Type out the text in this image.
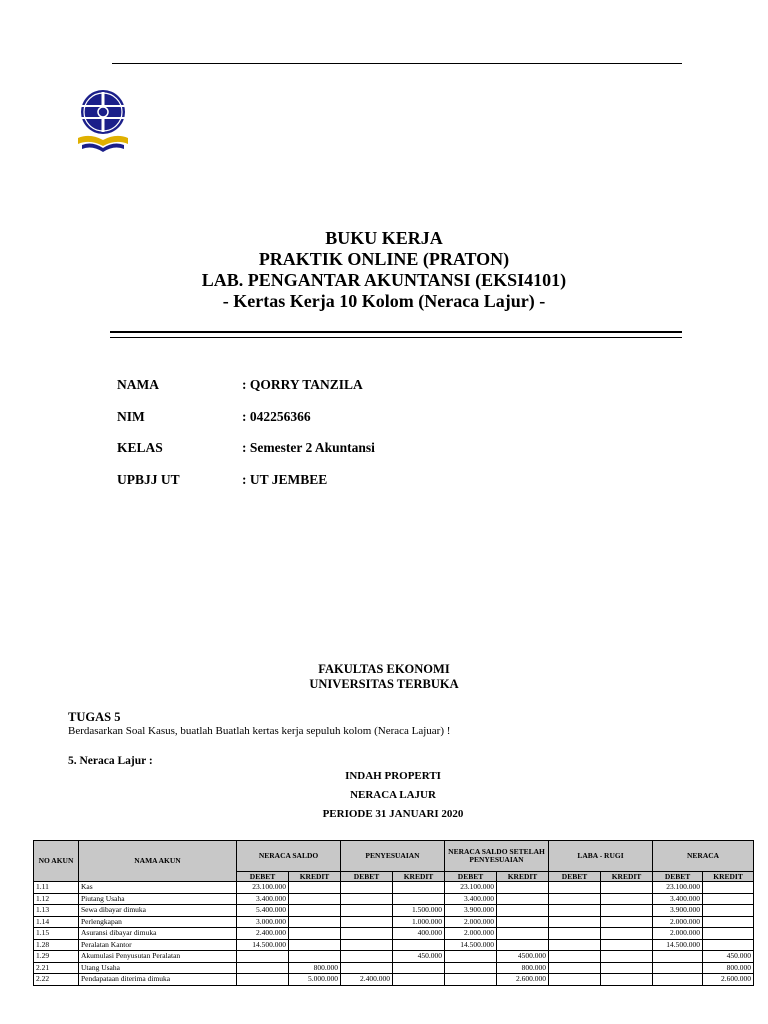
BUKU KERJA
PRAKTIK ONLINE (PRATON)
LAB. PENGANTAR AKUNTANSI (EKSI4101)
- Kertas Kerja 10 Kolom (Neraca Lajur) -
NAMA	: QORRY TANZILA
NIM	: 042256366
KELAS	: Semester 2 Akuntansi
UPBJJ UT	: UT JEMBEE
FAKULTAS EKONOMI
UNIVERSITAS TERBUKA
TUGAS 5
Berdasarkan Soal Kasus, buatlah Buatlah kertas kerja sepuluh kolom (Neraca Lajuar) !
5. Neraca Lajur :
INDAH PROPERTI
NERACA LAJUR
PERIODE 31 JANUARI 2020
NO AKUN	NAMA AKUN	NERACA SALDO		PENYESUAIAN		NERACA SALDO SETELAH PENYESUAIAN		LABA - RUGI		NERACA	
		DEBET	KREDIT	DEBET	KREDIT	DEBET	KREDIT	DEBET	KREDIT	DEBET	KREDIT
1.11	Kas	23.100.000				23.100.000				23.100.000	
1.12	Piutang Usaha	3.400.000				3.400.000				3.400.000	
1.13	Sewa dibayar dimuka	5.400.000			1.500.000	3.900.000				3.900.000	
1.14	Perlengkapan	3.000.000			1.000.000	2.000.000				2.000.000	
1.15	Asuransi dibayar dimuka	2.400.000			400.000	2.000.000				2.000.000	
1.28	Peralatan Kantor	14.500.000				14.500.000				14.500.000	
1.29	Akumulasi Penyusutan Peralatan				450.000		4500.000				450.000
2.21	Utang Usaha		800.000				800.000				800.000
2.22	Pendapataan diterima dimuka		5.000.000	2.400.000			2.600.000				2.600.000
